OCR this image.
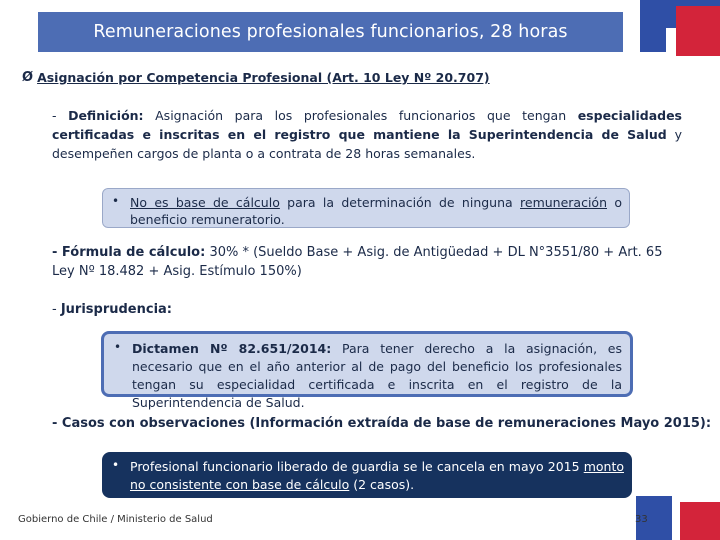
Remuneraciones profesionales funcionarios, 28 horas
Ø Asignación por Competencia Profesional (Art. 10 Ley Nº 20.707)
- Definición: Asignación para los profesionales funcionarios que tengan especialidades certificadas e inscritas en el registro que mantiene la Superintendencia de Salud y desempeñen cargos de planta o a contrata de 28 horas semanales.
• No es base de cálculo para la determinación de ninguna remuneración o beneficio remuneratorio.
- Fórmula de cálculo: 30% * (Sueldo Base + Asig. de Antigüedad + DL N°3551/80 + Art. 65 Ley Nº 18.482 + Asig. Estímulo 150%)
- Jurisprudencia:
• Dictamen Nº 82.651/2014: Para tener derecho a la asignación, es necesario que en el año anterior al de pago del beneficio los profesionales tengan su especialidad certificada e inscrita en el registro de la Superintendencia de Salud.
- Casos con observaciones (Información extraída de base de remuneraciones Mayo 2015):
• Profesional funcionario liberado de guardia se le cancela en mayo 2015 monto no consistente con base de cálculo (2 casos).
Gobierno de Chile / Ministerio de Salud	33
